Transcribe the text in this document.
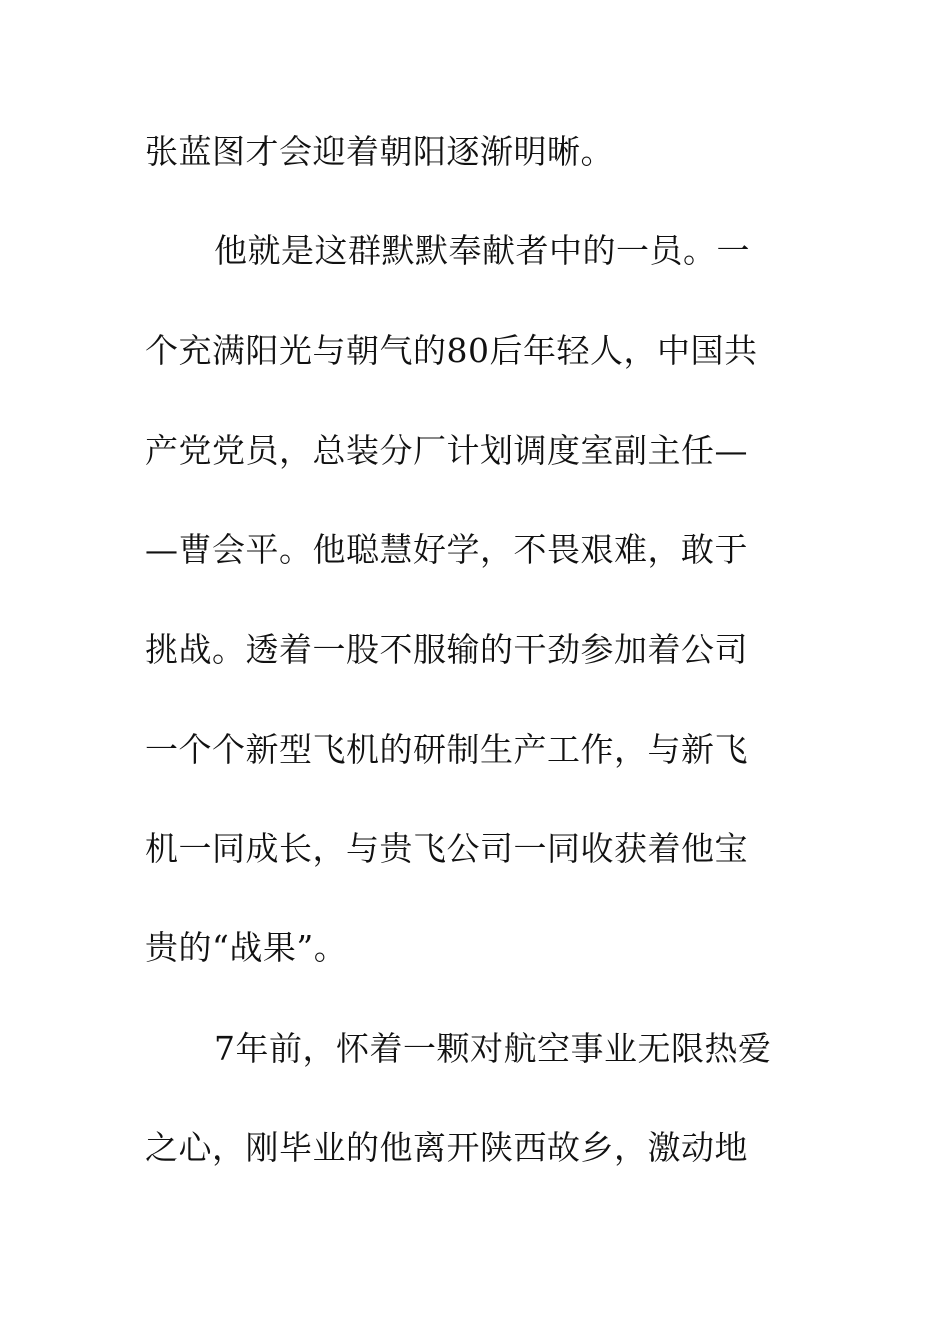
张蓝图才会迎着朝阳逐渐明晰。
他就是这群默默奉献者中的一员。一
个充满阳光与朝气的80后年轻人，中国共
产党党员，总装分厂计划调度室副主任—
—曹会平。他聪慧好学，不畏艰难，敢于
挑战。透着一股不服输的干劲参加着公司
一个个新型飞机的研制生产工作，与新飞
机一同成长，与贵飞公司一同收获着他宝
贵的“战果”。
7年前，怀着一颗对航空事业无限热爱
之心，刚毕业的他离开陕西故乡，激动地
